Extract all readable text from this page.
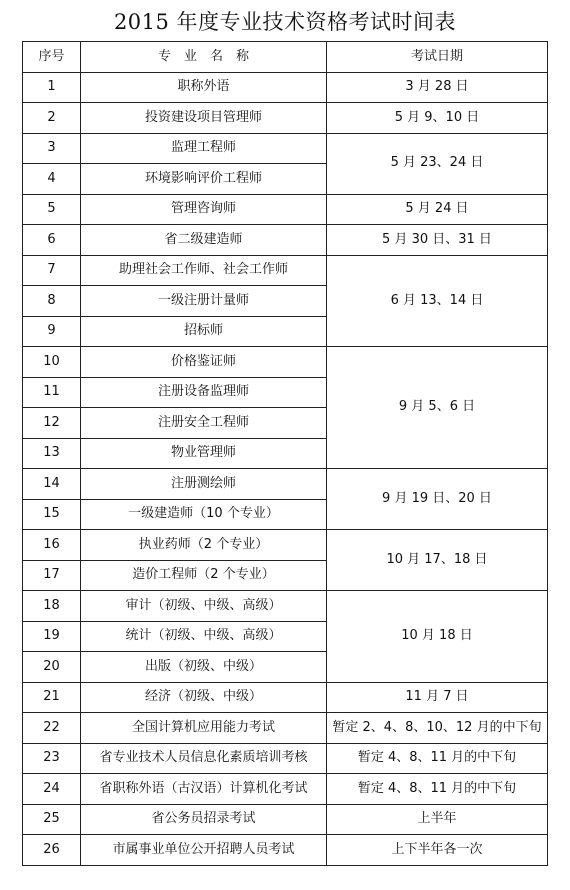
2015 年度专业技术资格考试时间表
序号	专　业　名　称	考试日期
1	职称外语	3 月 28 日
2	投资建设项目管理师	5 月 9、10 日
3	监理工程师	5 月 23、24 日
4	环境影响评价工程师	
5	管理咨询师	5 月 24 日
6	省二级建造师	5 月 30 日、31 日
7	助理社会工作师、社会工作师	6 月 13、14 日
8	一级注册计量师	
9	招标师	
10	价格鉴证师	9 月 5、6 日
11	注册设备监理师	
12	注册安全工程师	
13	物业管理师	
14	注册测绘师	9 月 19 日、20 日
15	一级建造师（10 个专业）	
16	执业药师（2 个专业）	10 月 17、18 日
17	造价工程师（2 个专业）	
18	审计（初级、中级、高级）	10 月 18 日
19	统计（初级、中级、高级）	
20	出版（初级、中级）	
21	经济（初级、中级）	11 月 7 日
22	全国计算机应用能力考试	暂定 2、4、8、10、12 月的中下旬
23	省专业技术人员信息化素质培训考核	暂定 4、8、11 月的中下旬
24	省职称外语（古汉语）计算机化考试	暂定 4、8、11 月的中下旬
25	省公务员招录考试	上半年
26	市属事业单位公开招聘人员考试	上下半年各一次
